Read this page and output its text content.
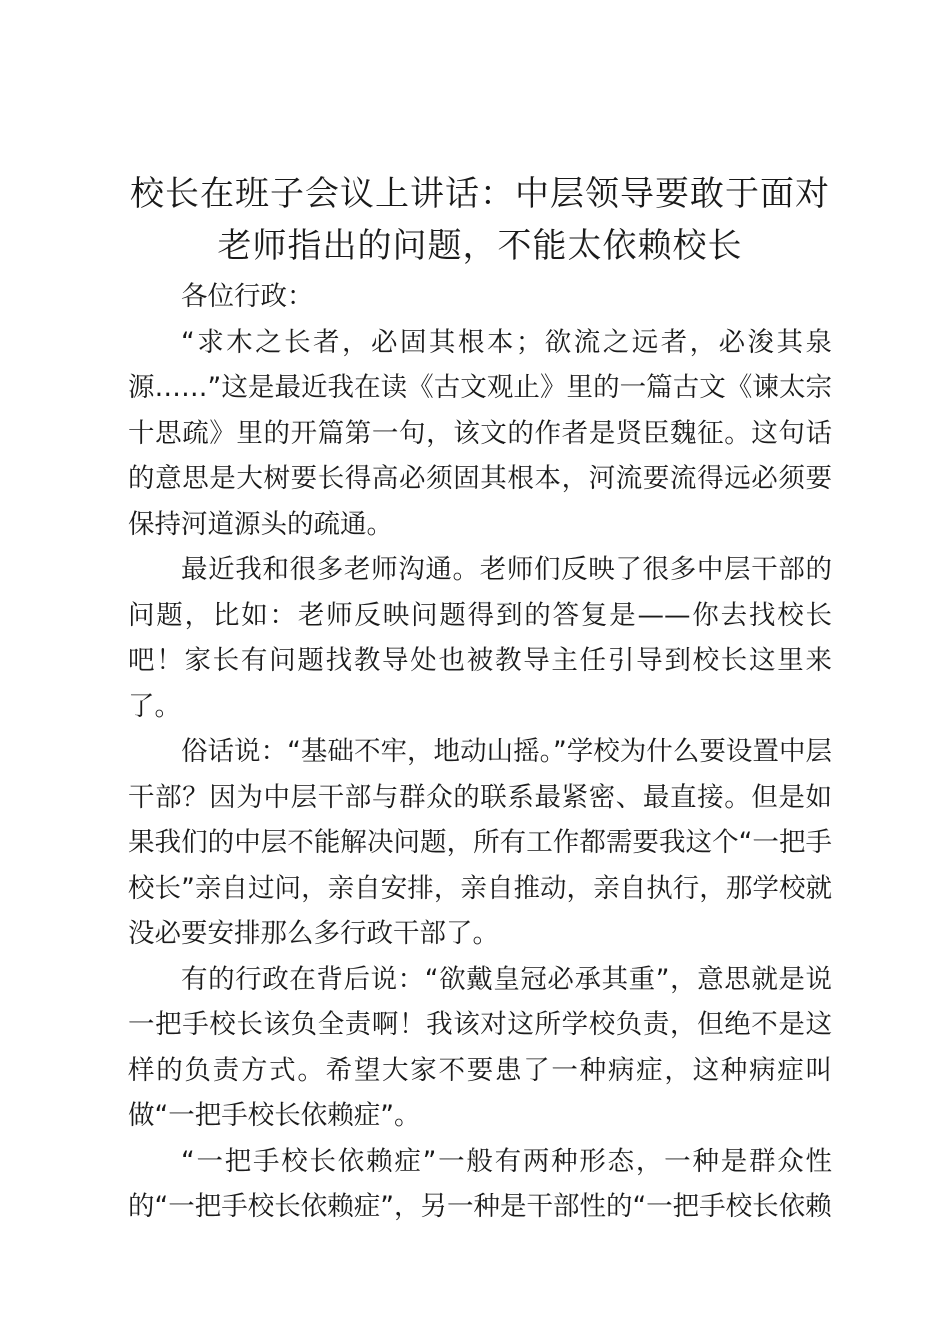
校长在班子会议上讲话：中层领导要敢于面对老师指出的问题，不能太依赖校长

各位行政：

“求木之长者，必固其根本；欲流之远者，必浚其泉源……”这是最近我在读《古文观止》里的一篇古文《谏太宗十思疏》里的开篇第一句，该文的作者是贤臣魏征。这句话的意思是大树要长得高必须固其根本，河流要流得远必须要保持河道源头的疏通。

最近我和很多老师沟通。老师们反映了很多中层干部的问题，比如：老师反映问题得到的答复是——你去找校长吧！家长有问题找教导处也被教导主任引导到校长这里来了。

俗话说：“基础不牢，地动山摇。”学校为什么要设置中层干部？因为中层干部与群众的联系最紧密、最直接。但是如果我们的中层不能解决问题，所有工作都需要我这个“一把手校长”亲自过问，亲自安排，亲自推动，亲自执行，那学校就没必要安排那么多行政干部了。

有的行政在背后说：“欲戴皇冠必承其重”，意思就是说一把手校长该负全责啊！我该对这所学校负责，但绝不是这样的负责方式。希望大家不要患了一种病症，这种病症叫做“一把手校长依赖症”。

“一把手校长依赖症”一般有两种形态，一种是群众性的“一把手校长依赖症”，另一种是干部性的“一把手校长依赖
